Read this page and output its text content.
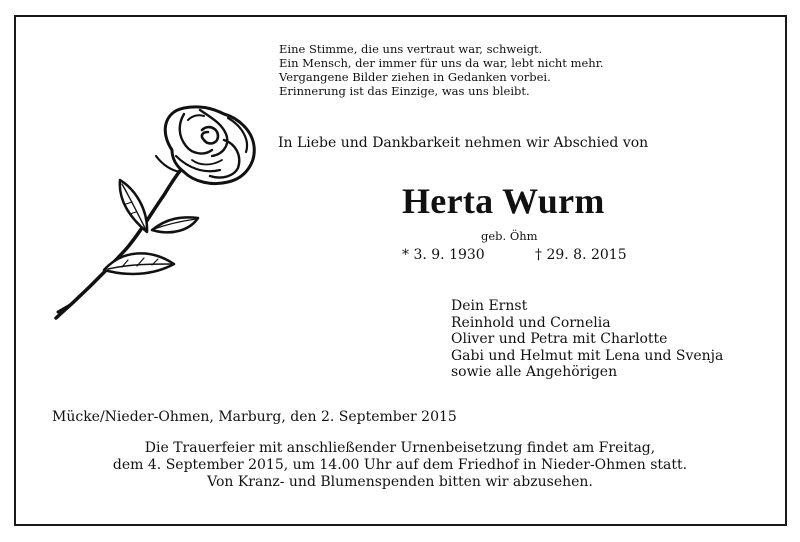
Eine Stimme, die uns vertraut war, schweigt.
Ein Mensch, der immer für uns da war, lebt nicht mehr.
Vergangene Bilder ziehen in Gedanken vorbei.
Erinnerung ist das Einzige, was uns bleibt.
In Liebe und Dankbarkeit nehmen wir Abschied von
Herta Wurm
geb. Öhm
* 3. 9. 1930	† 29. 8. 2015
Dein Ernst
Reinhold und Cornelia
Oliver und Petra mit Charlotte
Gabi und Helmut mit Lena und Svenja
sowie alle Angehörigen
Mücke/Nieder-Ohmen, Marburg, den 2. September 2015
Die Trauerfeier mit anschließender Urnenbeisetzung findet am Freitag,
dem 4. September 2015, um 14.00 Uhr auf dem Friedhof in Nieder-Ohmen statt.
Von Kranz- und Blumenspenden bitten wir abzusehen.
